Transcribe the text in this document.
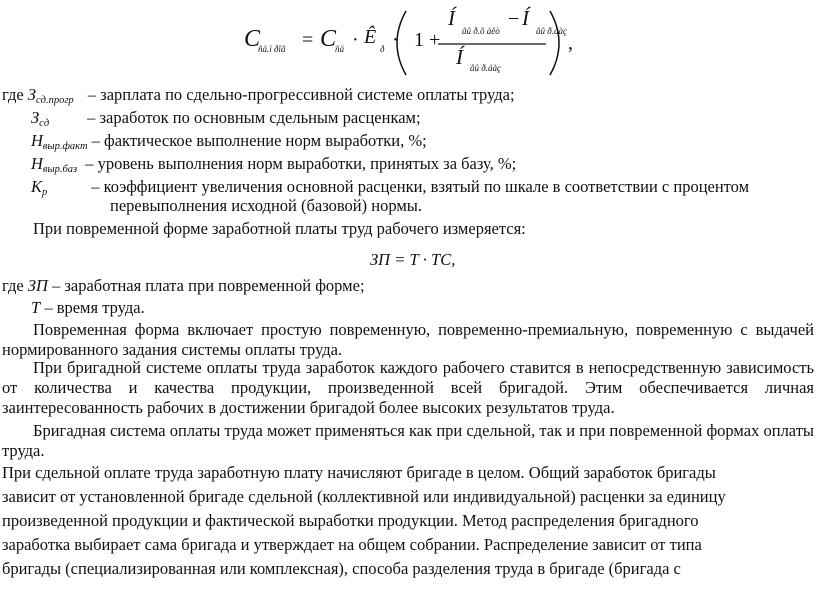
C
ñä.ï ðîã = C
ñä · Ê
ð · 1 +
Í
âû ð.ô àêò
− Í
âû ð.áàç
Í âû ð.áàç
,
где $З_{сд.прогр}$ – зарплата по сдельно-прогрессивной системе оплаты труда;
$З_{сд}$ – заработок по основным сдельным расценкам;
$Н_{выр.факт}$ – фактическое выполнение норм выработки, %;
$Н_{выр.баз}$ – уровень выполнения норм выработки, принятых за базу, %;
$К_р$	– коэффициент увеличения основной расценки, взятый по шкале в соответствии с процентом
перевыполнения исходной (базовой) нормы.
При повременной форме заработной платы труд рабочего измеряется:
ЗП = Т · ТС,
где ЗП – заработная плата при повременной форме;
Т – время труда.
Повременная форма включает простую повременную, повременно-премиальную, повременную с выдачей нормированного задания системы оплаты труда.
При бригадной системе оплаты труда заработок каждого рабочего ставится в непосредственную зависимость от количества и качества продукции, произведенной всей бригадой. Этим обеспечивается личная заинтересованность рабочих в достижении бригадой более высоких результатов труда.
Бригадная система оплаты труда может применяться как при сдельной, так и при повременной формах оплаты труда.
При сдельной оплате труда заработную плату начисляют бригаде в целом. Общий заработок бригады
зависит от установленной бригаде сдельной (коллективной или индивидуальной) расценки за единицу
произведенной продукции и фактической выработки продукции. Метод распределения бригадного
заработка выбирает сама бригада и утверждает на общем собрании. Распределение зависит от типа
бригады (специализированная или комплексная), способа разделения труда в бригаде (бригада с
